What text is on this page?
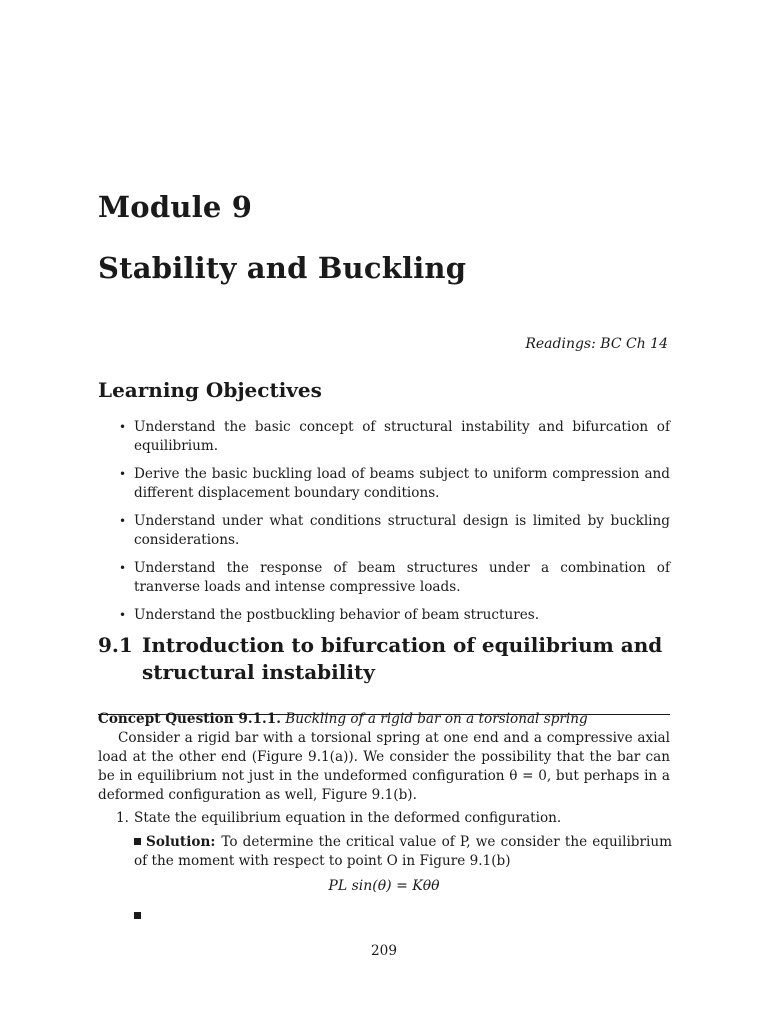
Module 9
Stability and Buckling
Readings: BC Ch 14
Learning Objectives
• Understand the basic concept of structural instability and bifurcation of equilibrium.
• Derive the basic buckling load of beams subject to uniform compression and different displacement boundary conditions.
• Understand under what conditions structural design is limited by buckling considerations.
• Understand the response of beam structures under a combination of tranverse loads and intense compressive loads.
• Understand the postbuckling behavior of beam structures.
9.1 Introduction to bifurcation of equilibrium and structural instability
Concept Question 9.1.1. Buckling of a rigid bar on a torsional spring

Consider a rigid bar with a torsional spring at one end and a compressive axial load at the other end (Figure 9.1(a)). We consider the possibility that the bar can be in equilibrium not just in the undeformed configuration θ = 0, but perhaps in a deformed configuration as well, Figure 9.1(b).

1. State the equilibrium equation in the deformed configuration.
Solution: To determine the critical value of P, we consider the equilibrium of the moment with respect to point O in Figure 9.1(b)
PL sin(θ) = Kθθ
209
